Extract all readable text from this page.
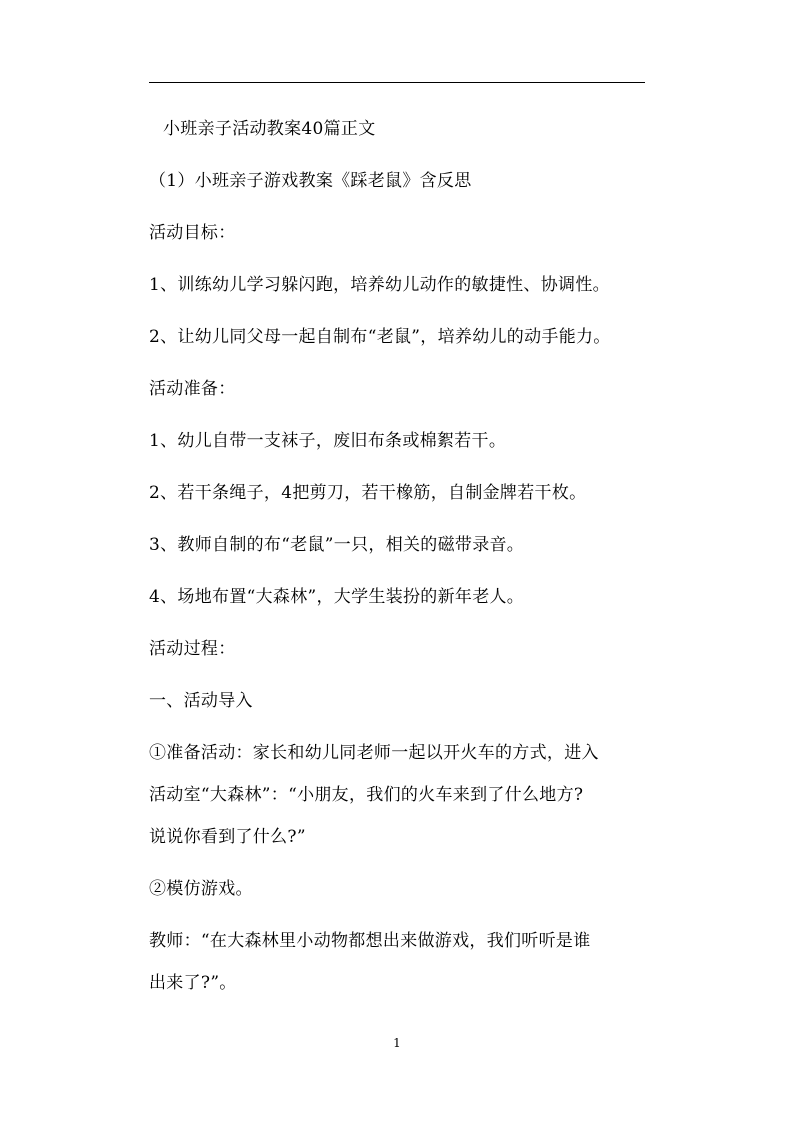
小班亲子活动教案40篇正文
（1）小班亲子游戏教案《踩老鼠》含反思
活动目标：
1、训练幼儿学习躲闪跑，培养幼儿动作的敏捷性、协调性。
2、让幼儿同父母一起自制布“老鼠”，培养幼儿的动手能力。
活动准备：
1、幼儿自带一支袜子，废旧布条或棉絮若干。
2、若干条绳子，4把剪刀，若干橡筋，自制金牌若干枚。
3、教师自制的布“老鼠”一只，相关的磁带录音。
4、场地布置“大森林”，大学生装扮的新年老人。
活动过程：
一、活动导入
①准备活动：家长和幼儿同老师一起以开火车的方式，进入
活动室“大森林”：“小朋友，我们的火车来到了什么地方?
说说你看到了什么?”
②模仿游戏。
教师：“在大森林里小动物都想出来做游戏，我们听听是谁
出来了?”。
1
